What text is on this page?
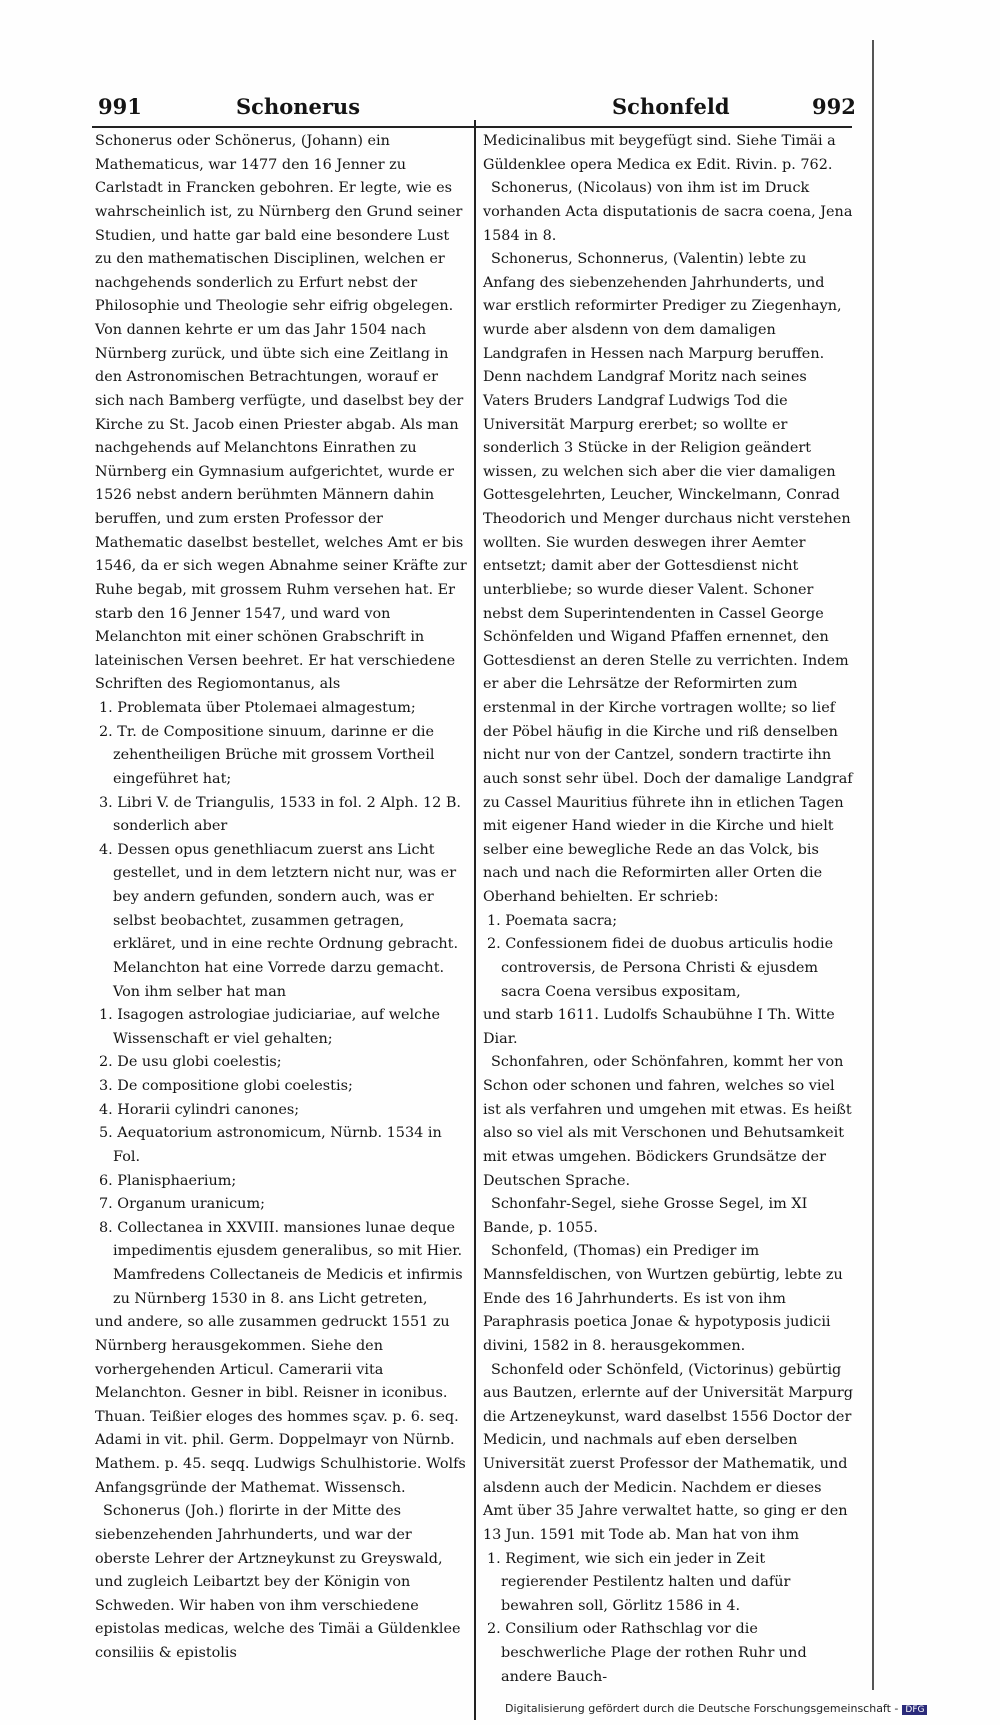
991	Schonerus	Schonfeld	992

Schonerus oder Schönerus, (Johann) ein Mathematicus, war 1477 den 16 Jenner zu Carlstadt in Francken gebohren. Er legte, wie es wahrscheinlich ist, zu Nürnberg den Grund seiner Studien, und hatte gar bald eine besondere Lust zu den mathematischen Disciplinen, welchen er nachgehends sonderlich zu Erfurt nebst der Philosophie und Theologie sehr eifrig obgelegen. Von dannen kehrte er um das Jahr 1504 nach Nürnberg zurück, und übte sich eine Zeitlang in den Astronomischen Betrachtungen, worauf er sich nach Bamberg verfügte, und daselbst bey der Kirche zu St. Jacob einen Priester abgab. Als man nachgehends auf Melanchtons Einrathen zu Nürnberg ein Gymnasium aufgerichtet, wurde er 1526 nebst andern berühmten Männern dahin beruffen, und zum ersten Professor der Mathematic daselbst bestellet, welches Amt er bis 1546, da er sich wegen Abnahme seiner Kräfte zur Ruhe begab, mit grossem Ruhm versehen hat. Er starb den 16 Jenner 1547, und ward von Melanchton mit einer schönen Grabschrift in lateinischen Versen beehret. Er hat verschiedene Schriften des Regiomontanus, als

1. Problemata über Ptolemaei almagestum;

2. Tr. de Compositione sinuum, darinne er die zehentheiligen Brüche mit grossem Vortheil eingeführet hat;

3. Libri V. de Triangulis, 1533 in fol. 2 Alph. 12 B. sonderlich aber

4. Dessen opus genethliacum zuerst ans Licht gestellet, und in dem letztern nicht nur, was er bey andern gefunden, sondern auch, was er selbst beobachtet, zusammen getragen, erkläret, und in eine rechte Ordnung gebracht. Melanchton hat eine Vorrede darzu gemacht. Von ihm selber hat man

1. Isagogen astrologiae judiciariae, auf welche Wissenschaft er viel gehalten;

2. De usu globi coelestis;

3. De compositione globi coelestis;

4. Horarii cylindri canones;

5. Aequatorium astronomicum, Nürnb. 1534 in Fol.

6. Planisphaerium;

7. Organum uranicum;

8. Collectanea in XXVIII. mansiones lunae deque impedimentis ejusdem generalibus, so mit Hier. Mamfredens Collectaneis de Medicis et infirmis zu Nürnberg 1530 in 8. ans Licht getreten,

und andere, so alle zusammen gedruckt 1551 zu Nürnberg herausgekommen. Siehe den vorhergehenden Articul. Camerarii vita Melanchton. Gesner in bibl. Reisner in iconibus. Thuan. Teißier eloges des hommes sçav. p. 6. seq. Adami in vit. phil. Germ. Doppelmayr von Nürnb. Mathem. p. 45. seqq. Ludwigs Schulhistorie. Wolfs Anfangsgründe der Mathemat. Wissensch.

Schonerus (Joh.) florirte in der Mitte des siebenzehenden Jahrhunderts, und war der oberste Lehrer der Artzneykunst zu Greyswald, und zugleich Leibartzt bey der Königin von Schweden. Wir haben von ihm verschiedene epistolas medicas, welche des Timäi a Güldenklee consiliis & epistolis

Medicinalibus mit beygefügt sind. Siehe Timäi a Güldenklee opera Medica ex Edit. Rivin. p. 762.

Schonerus, (Nicolaus) von ihm ist im Druck vorhanden Acta disputationis de sacra coena, Jena 1584 in 8.

Schonerus, Schonnerus, (Valentin) lebte zu Anfang des siebenzehenden Jahrhunderts, und war erstlich reformirter Prediger zu Ziegenhayn, wurde aber alsdenn von dem damaligen Landgrafen in Hessen nach Marpurg beruffen. Denn nachdem Landgraf Moritz nach seines Vaters Bruders Landgraf Ludwigs Tod die Universität Marpurg ererbet; so wollte er sonderlich 3 Stücke in der Religion geändert wissen, zu welchen sich aber die vier damaligen Gottesgelehrten, Leucher, Winckelmann, Conrad Theodorich und Menger durchaus nicht verstehen wollten. Sie wurden deswegen ihrer Aemter entsetzt; damit aber der Gottesdienst nicht unterbliebe; so wurde dieser Valent. Schoner nebst dem Superintendenten in Cassel George Schönfelden und Wigand Pfaffen ernennet, den Gottesdienst an deren Stelle zu verrichten. Indem er aber die Lehrsätze der Reformirten zum erstenmal in der Kirche vortragen wollte; so lief der Pöbel häufig in die Kirche und riß denselben nicht nur von der Cantzel, sondern tractirte ihn auch sonst sehr übel. Doch der damalige Landgraf zu Cassel Mauritius führete ihn in etlichen Tagen mit eigener Hand wieder in die Kirche und hielt selber eine bewegliche Rede an das Volck, bis nach und nach die Reformirten aller Orten die Oberhand behielten. Er schrieb:

1. Poemata sacra;

2. Confessionem fidei de duobus articulis hodie controversis, de Persona Christi & ejusdem sacra Coena versibus expositam,

und starb 1611. Ludolfs Schaubühne I Th. Witte Diar.

Schonfahren, oder Schönfahren, kommt her von Schon oder schonen und fahren, welches so viel ist als verfahren und umgehen mit etwas. Es heißt also so viel als mit Verschonen und Behutsamkeit mit etwas umgehen. Bödickers Grundsätze der Deutschen Sprache.

Schonfahr-Segel, siehe Grosse Segel, im XI Bande, p. 1055.

Schonfeld, (Thomas) ein Prediger im Mannsfeldischen, von Wurtzen gebürtig, lebte zu Ende des 16 Jahrhunderts. Es ist von ihm Paraphrasis poetica Jonae & hypotyposis judicii divini, 1582 in 8. herausgekommen.

Schonfeld oder Schönfeld, (Victorinus) gebürtig aus Bautzen, erlernte auf der Universität Marpurg die Artzeneykunst, ward daselbst 1556 Doctor der Medicin, und nachmals auf eben derselben Universität zuerst Professor der Mathematik, und alsdenn auch der Medicin. Nachdem er dieses Amt über 35 Jahre verwaltet hatte, so ging er den 13 Jun. 1591 mit Tode ab. Man hat von ihm

1. Regiment, wie sich ein jeder in Zeit regierender Pestilentz halten und dafür bewahren soll, Görlitz 1586 in 4.

2. Consilium oder Rathschlag vor die beschwerliche Plage der rothen Ruhr und andere Bauch-

Digitalisierung gefördert durch die Deutsche Forschungsgemeinschaft - DFG
